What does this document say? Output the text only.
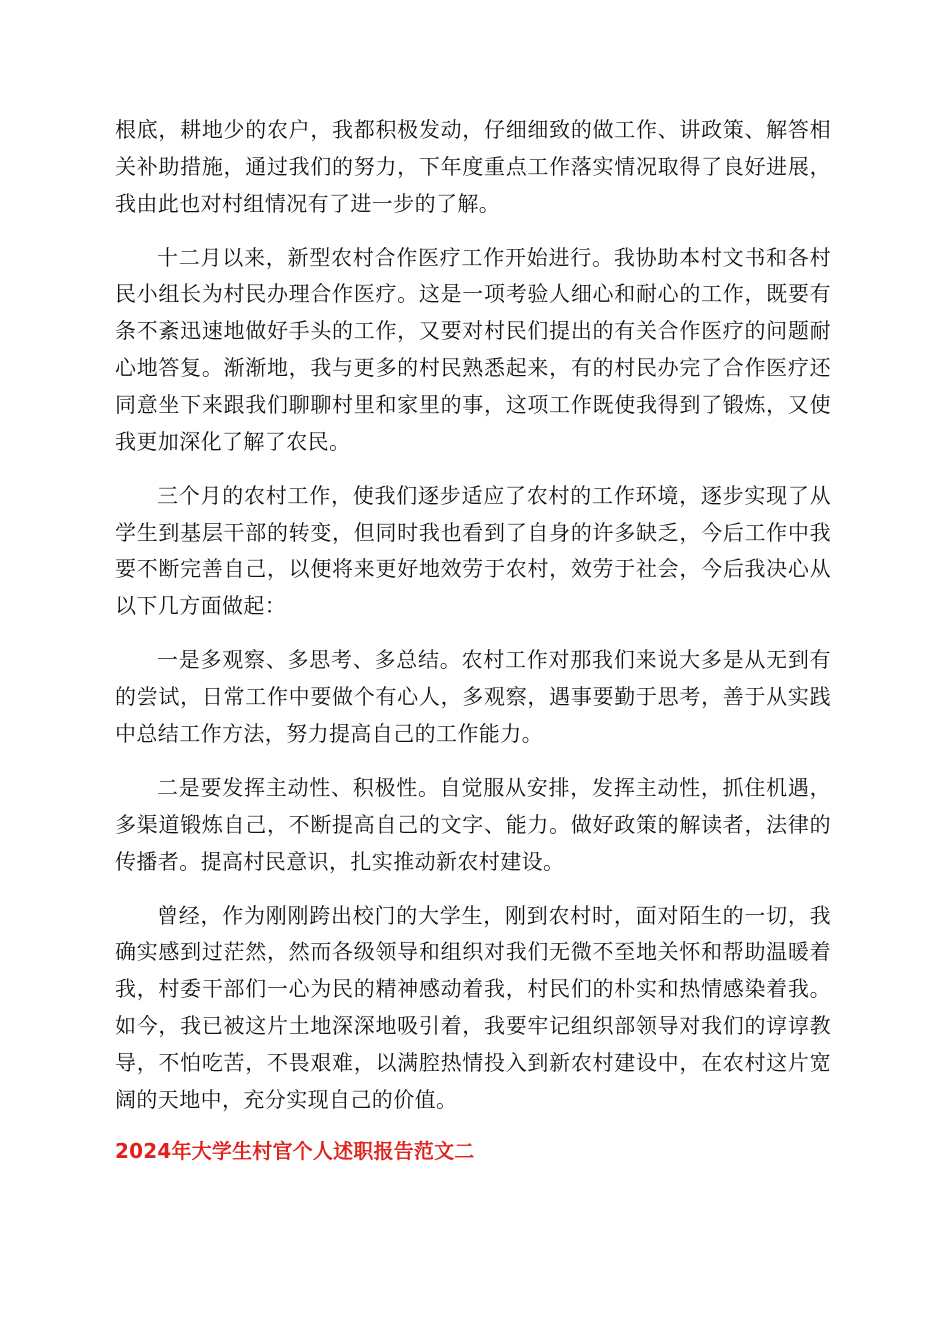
根底，耕地少的农户，我都积极发动，仔细细致的做工作、讲政策、解答相关补助措施，通过我们的努力，下年度重点工作落实情况取得了良好进展，我由此也对村组情况有了进一步的了解。

十二月以来，新型农村合作医疗工作开始进行。我协助本村文书和各村民小组长为村民办理合作医疗。这是一项考验人细心和耐心的工作，既要有条不紊迅速地做好手头的工作，又要对村民们提出的有关合作医疗的问题耐心地答复。渐渐地，我与更多的村民熟悉起来，有的村民办完了合作医疗还同意坐下来跟我们聊聊村里和家里的事，这项工作既使我得到了锻炼，又使我更加深化了解了农民。

三个月的农村工作，使我们逐步适应了农村的工作环境，逐步实现了从学生到基层干部的转变，但同时我也看到了自身的许多缺乏，今后工作中我要不断完善自己，以便将来更好地效劳于农村，效劳于社会，今后我决心从以下几方面做起：

一是多观察、多思考、多总结。农村工作对那我们来说大多是从无到有的尝试，日常工作中要做个有心人，多观察，遇事要勤于思考，善于从实践中总结工作方法，努力提高自己的工作能力。

二是要发挥主动性、积极性。自觉服从安排，发挥主动性，抓住机遇，多渠道锻炼自己，不断提高自己的文字、能力。做好政策的解读者，法律的传播者。提高村民意识，扎实推动新农村建设。

曾经，作为刚刚跨出校门的大学生，刚到农村时，面对陌生的一切，我确实感到过茫然，然而各级领导和组织对我们无微不至地关怀和帮助温暖着我，村委干部们一心为民的精神感动着我，村民们的朴实和热情感染着我。如今，我已被这片土地深深地吸引着，我要牢记组织部领导对我们的谆谆教导，不怕吃苦，不畏艰难，以满腔热情投入到新农村建设中，在农村这片宽阔的天地中，充分实现自己的价值。

2024年大学生村官个人述职报告范文二
